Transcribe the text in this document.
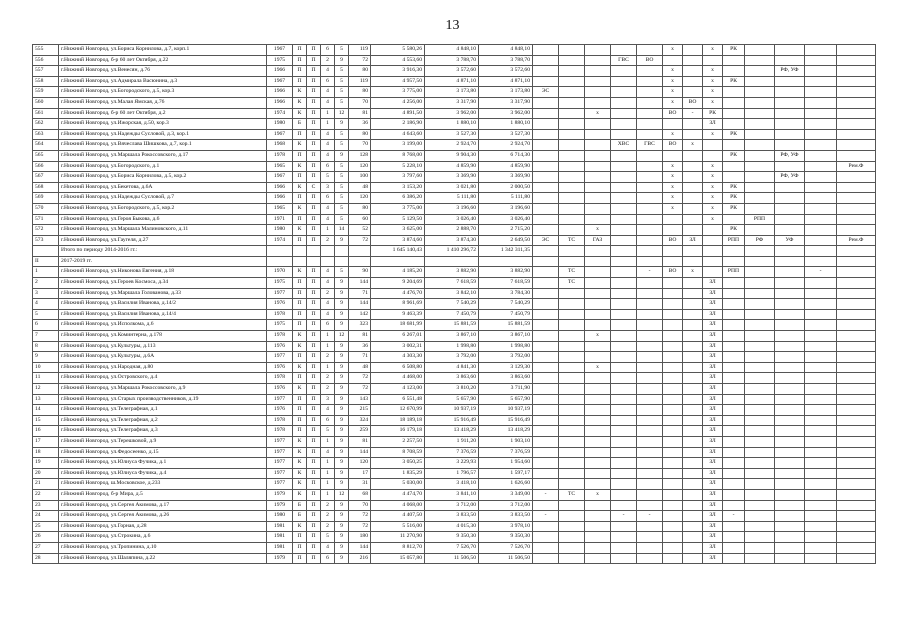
13
555	г.Нижний Новгород, ул.Бориса Корнилова, д.7, корп.1	1967	П	П	6	5	119	5 580,26	4 848,10	4 848,10						х		х	РК				
556	г.Нижний Новгород, б-р 60 лет Октября, д.22	1975	П	П	2	9	72	4 553,60	3 788,70	3 788,70				ГВС	ВО								
557	г.Нижний Новгород, ул.Венесян, д.76	1966	П	П	4	5	80	3 916,30	3 572,60	3 572,60						х		х			РФ, УФ		
558	г.Нижний Новгород, ул.Адмирала Васюнина, д.3	1967	П	П	6	5	119	4 957,50	4 871,10	4 871,10						х		х	РК				
559	г.Нижний Новгород, ул.Богородского, д.5, кор.3	1966	К	П	4	5	80	3 775,00	3 173,80	3 173,80	ЭС					х		х					
560	г.Нижний Новгород, ул.Малая Ямская, д.76	1966	К	П	4	5	70	4 256,00	3 317,90	3 317,90						х	ВО	х					
561	г.Нижний Новгород, б-р 60 лет Октября, д.2	1974	К	П	1	12	81	4 891,50	3 962,00	3 962,00			х			ВО	-	РК					
562	г.Нижний Новгород, ул.Ижорская, д.50, кор.3	1980	Б	П	1	9	36	2 186,90	1 880,10	1 880,10								ЗЛ					
563	г.Нижний Новгород, ул.Надежды Сусловой, д.3, кор.1	1967	П	П	4	5	80	4 643,60	3 527,30	3 527,30						х		х	РК				
564	г.Нижний Новгород, ул.Вячеслава Шишкова, д.7, кор.1	1968	К	П	4	5	70	3 199,00	2 924,70	2 924,70				ХВС	ГВС	ВО	х						
565	г.Нижний Новгород, ул.Маршала Рокоссовского, д.17	1978	П	П	4	9	128	8 768,00	9 904,30	6 714,30									РК		РФ, УФ		
566	г.Нижний Новгород, ул.Богородского, д.1	1965	К	П	6	5	120	5 228,10	4 859,90	4 859,90						х		х					Рем.Ф
567	г.Нижний Новгород, ул.Бориса Корнилова, д.5, кор.2	1967	П	П	5	5	100	3 797,60	3 369,90	3 369,90						х		х			РФ, УФ		
568	г.Нижний Новгород, ул.Бекетова, д.6А	1966	К	С	3	5	48	3 153,20	3 021,80	2 000,50						х		х	РК				
569	г.Нижний Новгород, ул.Надежды Сусловой, д.7	1966	П	П	6	5	120	6 386,20	5 111,80	5 111,80						х		х	РК				
570	г.Нижний Новгород, ул.Богородского, д.5, кор.2	1965	К	П	4	5	80	3 775,00	3 196,60	3 196,60						х		х	РК				
571	г.Нижний Новгород, ул.Героя Быкова, д.6	1971	П	П	4	5	60	5 129,50	3 026,40	3 026,40								х		РПП			
572	г.Нижний Новгород, ул.Маршала Малиновского, д.11	1980	К	П	1	14	52	3 625,00	2 888,70	2 715,20			х						РК				
573	г.Нижний Новгород, ул.Гаугеля, д.27	1974	П	П	2	9	72	3 874,60	3 874,30	2 649,50	ЭС	ТС	ГАЗ			ВО	ЗЛ		РПП	РФ	УФ		Рем.Ф
	Итого по периоду 2014-2016 гг.:							1 645 140,43	1 410 296,72	1 342 311,35													
II	2017-2019 гг.																						
1	г.Нижний Новгород, ул.Никонова Евгения, д.18	1970	К	П	4	5	90	4 185,20	3 882,90	3 882,90		ТС			-	ВО	х		РПП			-	
2	г.Нижний Новгород, ул.Героев Космоса, д.34	1975	П	П	4	9	144	9 204,69	7 618,59	7 618,59		ТС						ЗЛ					
3	г.Нижний Новгород, ул.Маршала Голованова, д.33	1977	П	П	2	9	71	4 476,70	3 842,10	3 784,30								ЗЛ					
4	г.Нижний Новгород, ул.Василия Иванова, д.14/2	1976	П	П	4	9	144	8 961,69	7 540,29	7 540,29								ЗЛ					
5	г.Нижний Новгород, ул.Василия Иванова, д.14/4	1978	П	П	4	9	142	9 463,39	7 450,79	7 450,79								ЗЛ					
6	г.Нижний Новгород, ул.Исполкома, д.6	1975	П	П	6	9	323	18 681,99	15 881,59	15 881,59								ЗЛ					
7	г.Нижний Новгород, ул.Коминтерна, д.178	1978	К	П	1	12	81	6 267,01	3 867,10	3 867,10			х					ЗЛ					
8	г.Нижний Новгород, ул.Культуры, д.113	1976	К	П	1	9	36	3 002,31	1 998,80	1 998,80								ЗЛ					
9	г.Нижний Новгород, ул.Культуры, д.6А	1977	П	П	2	9	71	4 303,30	3 792,00	3 792,00								ЗЛ					
10	г.Нижний Новгород, ул.Народная, д.80	1976	К	П	1	9	48	6 508,80	4 841,30	3 129,30			х					ЗЛ					
11	г.Нижний Новгород, ул.Островского, д.4	1978	П	П	2	9	72	4 468,00	3 863,60	3 863,60								ЗЛ					
12	г.Нижний Новгород, ул.Маршала Рокоссовского, д.9	1976	К	П	2	9	72	4 123,00	3 810,20	3 711,90								ЗЛ					
13	г.Нижний Новгород, ул.Старых производственников, д.19	1977	П	П	3	9	143	6 551,48	5 657,90	5 657,90								ЗЛ					
14	г.Нижний Новгород, ул.Телеграфная, д.1	1976	П	П	4	9	215	12 670,99	10 937,19	10 937,19								ЗЛ					
15	г.Нижний Новгород, ул.Телеграфная, д.2	1978	П	П	6	9	324	18 189,18	15 916,49	15 916,49								ЗЛ					
16	г.Нижний Новгород, ул.Телеграфная, д.3	1978	П	П	5	9	259	16 179,18	13 418,29	13 418,29								ЗЛ					
17	г.Нижний Новгород, ул.Терешковой, д.9	1977	К	П	1	9	81	2 257,50	1 911,20	1 903,10								ЗЛ					
18	г.Нижний Новгород, ул.Федосеенко, д.15	1977	К	П	4	9	144	8 708,59	7 376,59	7 376,59								ЗЛ					
19	г.Нижний Новгород, ул.Юлиуса Фучика, д.1	1977	К	П	1	9	120	3 050,25	3 229,93	1 954,60								ЗЛ					
20	г.Нижний Новгород, ул.Юлиуса Фучика, д.4	1977	К	П	1	9	17	1 835,29	1 796,57	1 597,17								ЗЛ					
21	г.Нижний Новгород, ш.Московское, д.233	1977	К	П	1	9	31	5 030,00	3 418,10	1 626,60								ЗЛ					
22	г.Нижний Новгород, б-р Мира, д.5	1979	К	П	1	12	68	4 474,70	3 841,10	3 349,00	-	ТС	х					ЗЛ					
23	г.Нижний Новгород, ул.Сергея Акимова, д.17	1979	Б	П	2	9	70	4 068,00	3 712,00	3 712,00								ЗЛ					
24	г.Нижний Новгород, ул.Сергея Акимова, д.26	1980	Б	П	2	9	72	4 407,50	3 833,50	3 833,50	-			-	-			ЗЛ	-				
25	г.Нижний Новгород, ул.Горная, д.28	1981	К	П	2	9	72	5 516,00	4 015,30	3 978,10								ЗЛ					
26	г.Нижний Новгород, ул.Строкина, д.6	1981	П	П	5	9	180	11 270,90	9 350,30	9 350,30								ЗЛ					
27	г.Нижний Новгород, ул.Тропинина, д.10	1981	П	П	4	9	144	8 812,70	7 526,70	7 526,70								ЗЛ					
28	г.Нижний Новгород, ул.Шаляпина, д.22	1979	П	П	6	9	216	15 057,80	11 506,50	11 506,50								ЗЛ					
